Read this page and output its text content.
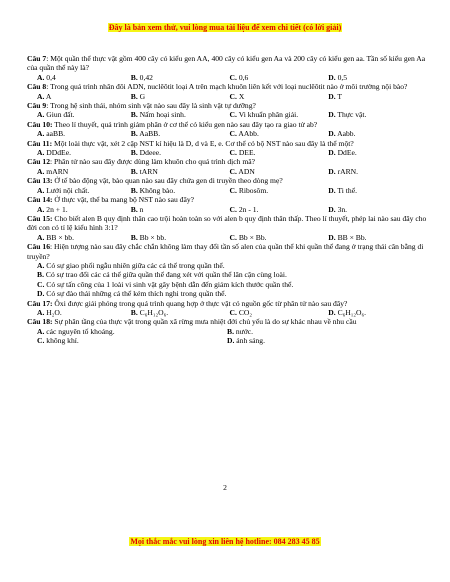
Đây là bản xem thử, vui lòng mua tài liệu để xem chi tiết (có lời giải)

Câu 7: Một quần thể thực vật gồm 400 cây có kiểu gen AA, 400 cây có kiểu gen Aa và 200 cây có kiểu gen aa. Tần số kiểu gen Aa của quần thể này là?

A. 0,4	B. 0,42	C. 0,6	D. 0,5

Câu 8: Trong quá trình nhân đôi ADN, nuclêôtit loại A trên mạch khuôn liên kết với loại nuclêôtit nào ở môi trường nội bào?

A. A	B. G	C. X	D. T

Câu 9: Trong hệ sinh thái, nhóm sinh vật nào sau đây là sinh vật tự dưỡng?

A. Giun đất.	B. Nấm hoại sinh.	C. Vi khuẩn phân giải.	D. Thực vật.

Câu 10: Theo lí thuyết, quá trình giảm phân ở cơ thể có kiểu gen nào sau đây tạo ra giao tử ab?

A. aaBB.	B. AaBB.	C. AAbb.	D. Aabb.

Câu 11: Một loài thực vật, xét 2 cặp NST kí hiệu là D, d và E, e. Cơ thể có bộ NST nào sau đây là thể một?

A. DDdEe.	B. Ddeee.	C. DEE.	D. DdEe.

Câu 12: Phân tử nào sau đây được dùng làm khuôn cho quá trình dịch mã?

A. mARN	B. tARN	C. ADN	D. rARN.

Câu 13: Ở tế bào động vật, bào quan nào sau đây chứa gen di truyền theo dòng mẹ?

A. Lưới nội chất.	B. Không bào.	C. Ribosôm.	D. Ti thể.

Câu 14: Ở thực vật, thể ba mang bộ NST nào sau đây?

A. 2n + 1.	B. n	C. 2n - 1.	D. 3n.

Câu 15: Cho biết alen B quy định thân cao trội hoàn toàn so với alen b quy định thân thấp. Theo lí thuyết, phép lai nào sau đây cho đời con có tỉ lệ kiểu hình 3:1?

A. BB × bb.	B. Bb × bb.	C. Bb × Bb.	D. BB × Bb.

Câu 16: Hiện tượng nào sau đây chắc chắn không làm thay đổi tần số alen của quần thể khi quần thể đang ở trạng thái cân bằng di truyền?

A. Có sự giao phối ngẫu nhiên giữa các cá thể trong quần thể.

B. Có sự trao đổi các cá thể giữa quần thể đang xét với quần thể lân cận cùng loài.

C. Có sự tấn công của 1 loài vi sinh vật gây bệnh dẫn đến giảm kích thước quần thể.

D. Có sự đào thải những cá thể kém thích nghi trong quần thể.

Câu 17: Ôxi được giải phóng trong quá trình quang hợp ở thực vật có nguồn gốc từ phân tử nào sau đây?

A. H₂O.	B. C₆H₁₂O₆.	C. CO₂	D. C₆H₁₂O₆.

Câu 18: Sự phân tầng của thực vật trong quần xã rừng mưa nhiệt đới chủ yếu là do sự khác nhau về nhu cầu

A. các nguyên tố khoáng.	B. nước.
C. không khí.	D. ánh sáng.
2
Mọi thắc mắc vui lòng xin liên hệ hotline: 084 283 45 85
